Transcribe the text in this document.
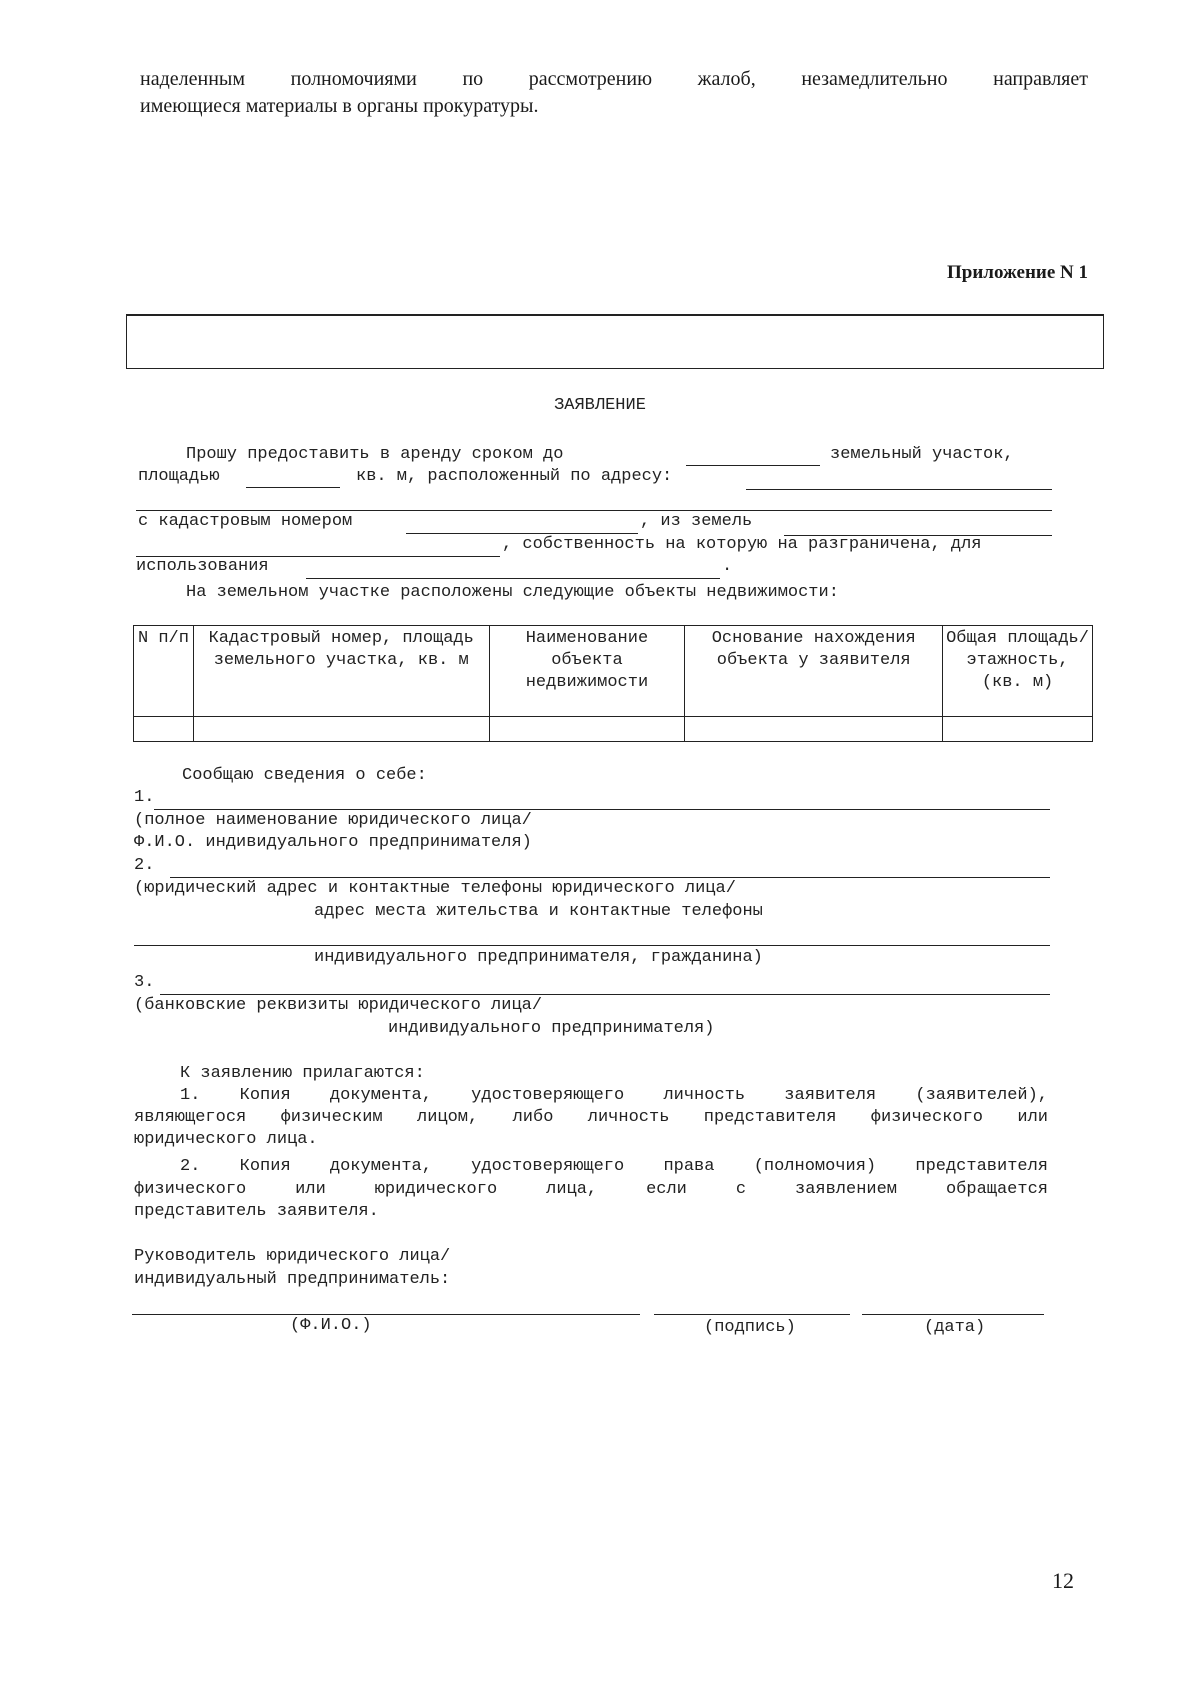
наделенным полномочиями по рассмотрению жалоб, незамедлительно направляет
имеющиеся материалы в органы прокуратуры.
Приложение N 1
ЗАЯВЛЕНИЕ
Прошу предоставить в аренду сроком до	земельный участок,
площадью	кв. м, расположенный по адресу:
с кадастровым номером	, из земель
, собственность на которую на разграничена, для
использования	.
На земельном участке расположены следующие объекты недвижимости:
N п/п	Кадастровый номер, площадь земельного участка, кв. м	Наименование объекта недвижимости	Основание нахождения объекта у заявителя	Общая площадь/ этажность, (кв. м)

Сообщаю сведения о себе:
1.
(полное наименование юридического лица/
Ф.И.О. индивидуального предпринимателя)
2.
(юридический адрес и контактные телефоны юридического лица/
адрес места жительства и контактные телефоны
индивидуального предпринимателя, гражданина)
3.
(банковские реквизиты юридического лица/
индивидуального предпринимателя)
К заявлению прилагаются:
1. Копия документа, удостоверяющего личность заявителя (заявителей),
являющегося физическим лицом, либо личность представителя физического или
юридического лица.
2. Копия документа, удостоверяющего права (полномочия) представителя
физического или юридического лица, если с заявлением обращается
представитель заявителя.
Руководитель юридического лица/
индивидуальный предприниматель:
(Ф.И.О.)	(подпись)	(дата)
12
